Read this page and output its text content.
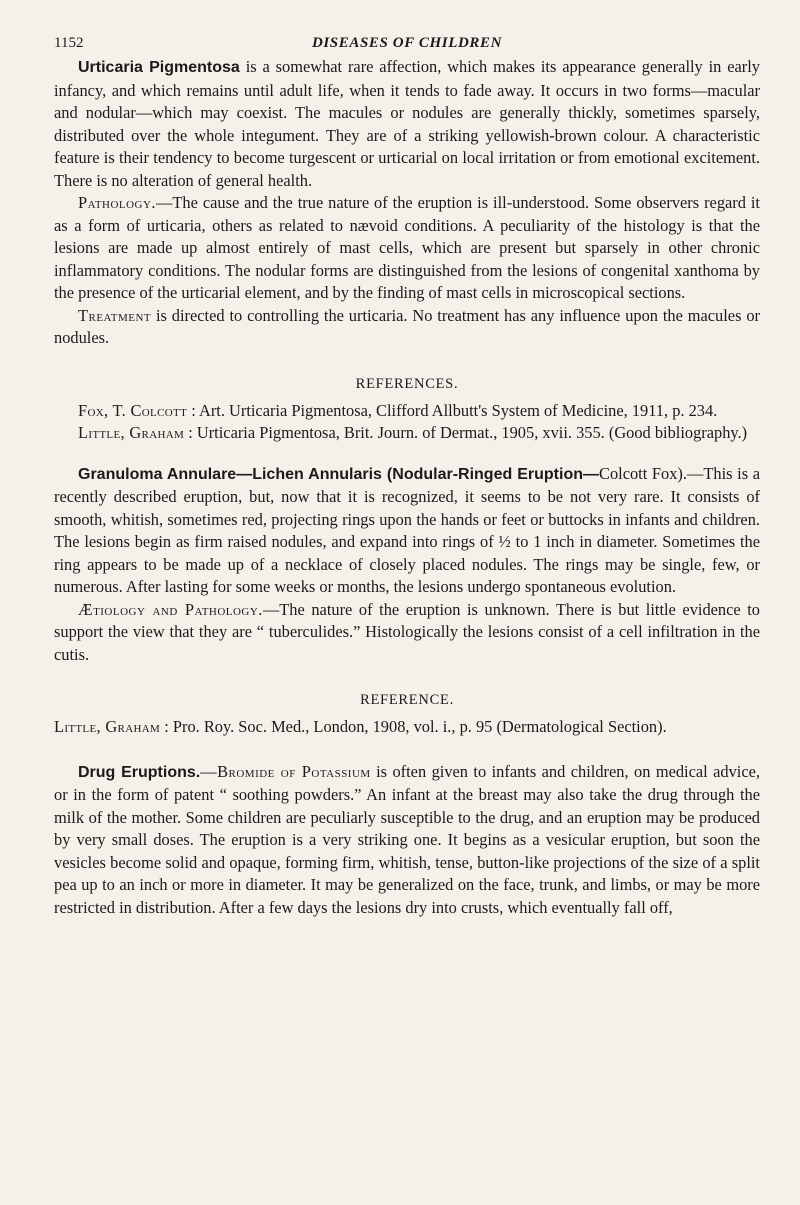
1152	DISEASES OF CHILDREN

Urticaria Pigmentosa is a somewhat rare affection, which makes its appearance generally in early infancy, and which remains until adult life, when it tends to fade away. It occurs in two forms—macular and nodular—which may coexist. The macules or nodules are generally thickly, sometimes sparsely, distributed over the whole integument. They are of a striking yellowish-brown colour. A characteristic feature is their tendency to become turgescent or urticarial on local irritation or from emotional excitement. There is no alteration of general health.

Pathology.—The cause and the true nature of the eruption is ill-understood. Some observers regard it as a form of urticaria, others as related to nævoid conditions. A peculiarity of the histology is that the lesions are made up almost entirely of mast cells, which are present but sparsely in other chronic inflammatory conditions. The nodular forms are distinguished from the lesions of congenital xanthoma by the presence of the urticarial element, and by the finding of mast cells in microscopical sections.

Treatment is directed to controlling the urticaria. No treatment has any influence upon the macules or nodules.

REFERENCES.

Fox, T. Colcott : Art. Urticaria Pigmentosa, Clifford Allbutt's System of Medicine, 1911, p. 234.

Little, Graham : Urticaria Pigmentosa, Brit. Journ. of Dermat., 1905, xvii. 355. (Good bibliography.)

Granuloma Annulare—Lichen Annularis (Nodular-Ringed Eruption—Colcott Fox).—This is a recently described eruption, but, now that it is recognized, it seems to be not very rare. It consists of smooth, whitish, sometimes red, projecting rings upon the hands or feet or buttocks in infants and children. The lesions begin as firm raised nodules, and expand into rings of ½ to 1 inch in diameter. Sometimes the ring appears to be made up of a necklace of closely placed nodules. The rings may be single, few, or numerous. After lasting for some weeks or months, the lesions undergo spontaneous evolution.

Ætiology and Pathology.—The nature of the eruption is unknown. There is but little evidence to support the view that they are “ tuberculides.” Histologically the lesions consist of a cell infiltration in the cutis.

REFERENCE.

Little, Graham : Pro. Roy. Soc. Med., London, 1908, vol. i., p. 95 (Dermatological Section).

Drug Eruptions.—Bromide of Potassium is often given to infants and children, on medical advice, or in the form of patent “ soothing powders.” An infant at the breast may also take the drug through the milk of the mother. Some children are peculiarly susceptible to the drug, and an eruption may be produced by very small doses. The eruption is a very striking one. It begins as a vesicular eruption, but soon the vesicles become solid and opaque, forming firm, whitish, tense, button-like projections of the size of a split pea up to an inch or more in diameter. It may be generalized on the face, trunk, and limbs, or may be more restricted in distribution. After a few days the lesions dry into crusts, which eventually fall off,
